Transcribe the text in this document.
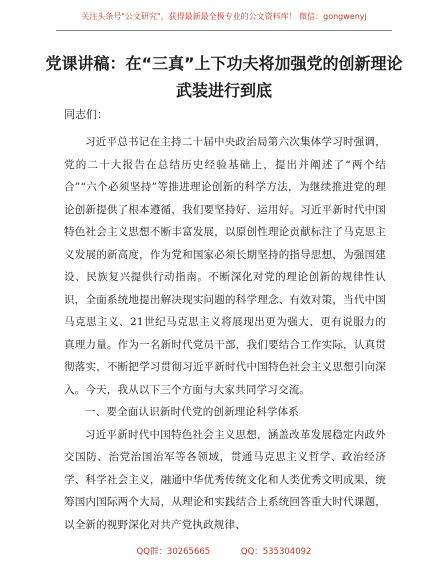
关注头条号"公文研究"，获得最新最全极专业的公文资料库！ 微信：gongwenyj
党课讲稿：在“三真”上下功夫将加强党的创新理论武装进行到底
同志们：

习近平总书记在主持二十届中央政治局第六次集体学习时强调，党的二十大报告在总结历史经验基础上，提出并阐述了“两个结合”“六个必须坚持”等推进理论创新的科学方法，为继续推进党的理论创新提供了根本遵循，我们要坚持好、运用好。习近平新时代中国特色社会主义思想不断丰富发展，以原创性理论贡献标注了马克思主义发展的新高度，作为党和国家必须长期坚持的指导思想，为强国建设、民族复兴提供行动指南。不断深化对党的理论创新的规律性认识，全面系统地提出解决现实问题的科学理念、有效对策，当代中国马克思主义、21世纪马克思主义将展现出更为强大、更有说服力的真理力量。作为一名新时代党员干部，我们要结合工作实际，认真贯彻落实，不断把学习贯彻习近平新时代中国特色社会主义思想引向深入。今天，我从以下三个方面与大家共同学习交流。

一、要全面认识新时代党的创新理论科学体系

习近平新时代中国特色社会主义思想，涵盖改革发展稳定内政外交国防、治党治国治军等各领域，贯通马克思主义哲学、政治经济学、科学社会主义，融通中华优秀传统文化和人类优秀文明成果，统筹国内国际两个大局，从理论和实践结合上系统回答重大时代课题，以全新的视野深化对共产党执政规律、

QQ群：30265665	QQ：535304092
